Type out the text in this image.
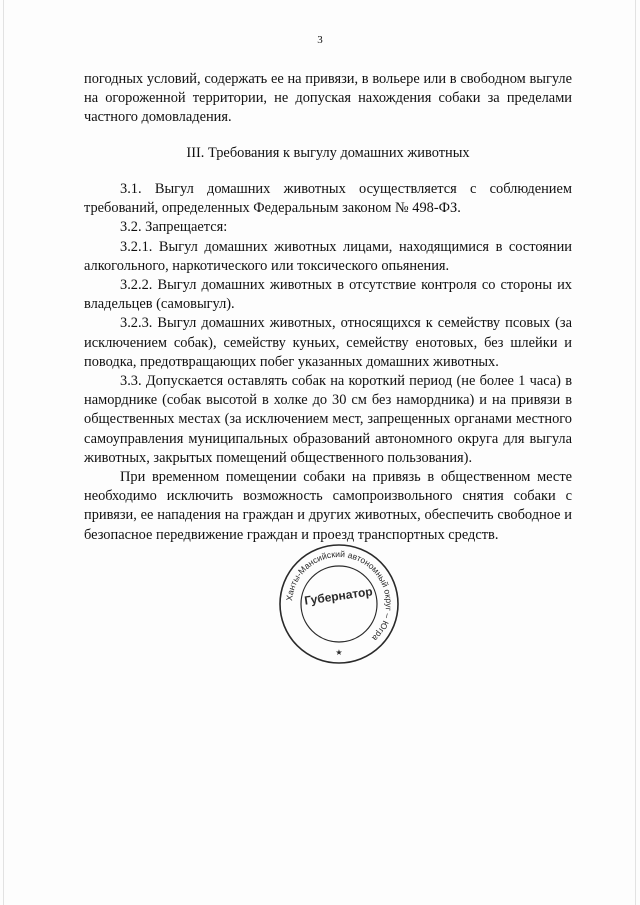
3

погодных условий, содержать ее на привязи, в вольере или в свободном выгуле на огороженной территории, не допуская нахождения собаки за пределами частного домовладения.

III. Требования к выгулу домашних животных

3.1. Выгул домашних животных осуществляется с соблюдением требований, определенных Федеральным законом № 498-ФЗ.

3.2. Запрещается:

3.2.1. Выгул домашних животных лицами, находящимися в состоянии алкогольного, наркотического или токсического опьянения.

3.2.2. Выгул домашних животных в отсутствие контроля со стороны их владельцев (самовыгул).

3.2.3. Выгул домашних животных, относящихся к семейству псовых (за исключением собак), семейству куньих, семейству енотовых, без шлейки и поводка, предотвращающих побег указанных домашних животных.

3.3. Допускается оставлять собак на короткий период (не более 1 часа) в наморднике (собак высотой в холке до 30 см без намордника) и на привязи в общественных местах (за исключением мест, запрещенных органами местного самоуправления муниципальных образований автономного округа для выгула животных, закрытых помещений общественного пользования).

При временном помещении собаки на привязь в общественном месте необходимо исключить возможность самопроизвольного снятия собаки с привязи, ее нападения на граждан и других животных, обеспечить свободное и безопасное передвижение граждан и проезд транспортных средств.

Ханты-Мансийский автономный округ – Югра
Губернатор
★
